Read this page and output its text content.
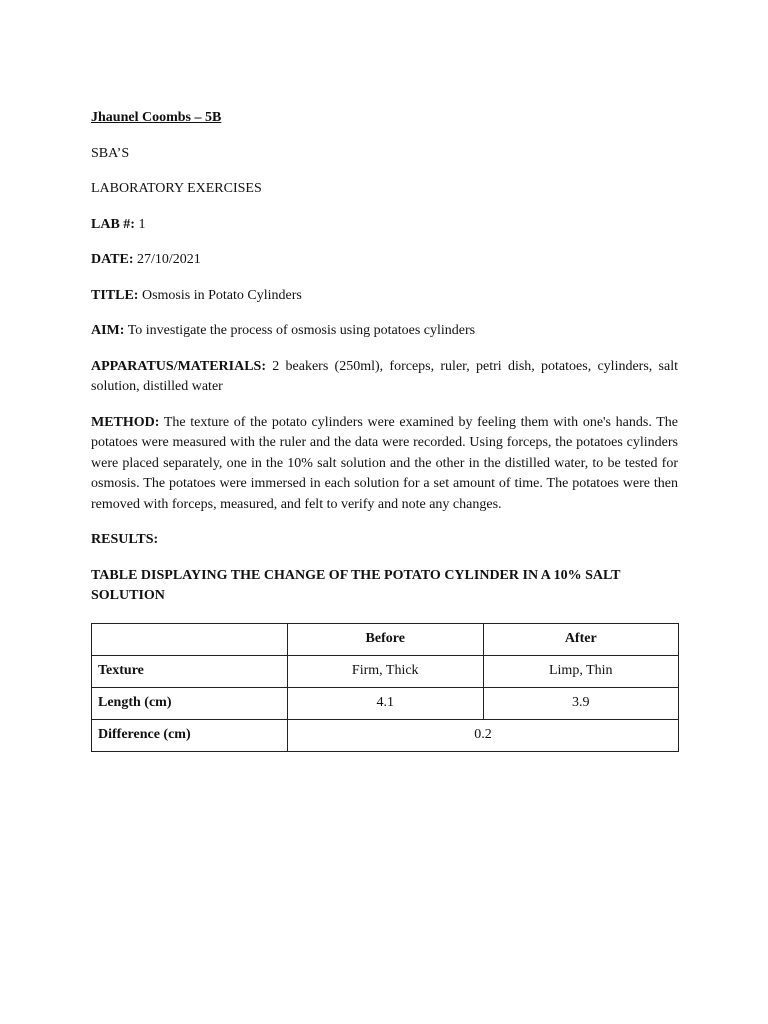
Jhaunel Coombs – 5B
SBA’S
LABORATORY EXERCISES
LAB #: 1
DATE: 27/10/2021
TITLE: Osmosis in Potato Cylinders
AIM: To investigate the process of osmosis using potatoes cylinders
APPARATUS/MATERIALS: 2 beakers (250ml), forceps, ruler, petri dish, potatoes, cylinders, salt solution, distilled water
METHOD: The texture of the potato cylinders were examined by feeling them with one's hands. The potatoes were measured with the ruler and the data were recorded. Using forceps, the potatoes cylinders were placed separately, one in the 10% salt solution and the other in the distilled water, to be tested for osmosis. The potatoes were immersed in each solution for a set amount of time. The potatoes were then removed with forceps, measured, and felt to verify and note any changes.
RESULTS:
TABLE DISPLAYING THE CHANGE OF THE POTATO CYLINDER IN A 10% SALT SOLUTION
	Before	After
Texture	Firm, Thick	Limp, Thin
Length (cm)	4.1	3.9
Difference (cm)	0.2	
